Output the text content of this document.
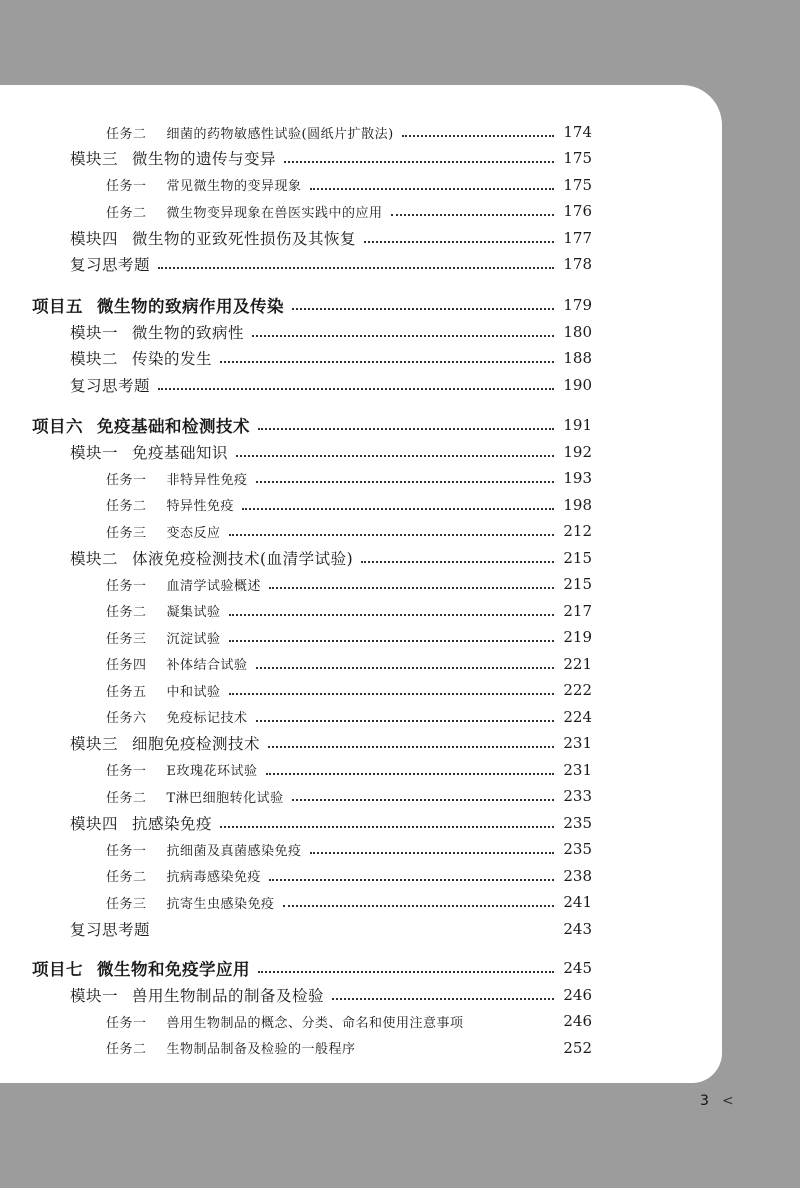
任务二 细菌的药物敏感性试验(圆纸片扩散法)	174
模块三 微生物的遗传与变异	175
任务一 常见微生物的变异现象	175
任务二 微生物变异现象在兽医实践中的应用	176
模块四 微生物的亚致死性损伤及其恢复	177
复习思考题	178
项目五 微生物的致病作用及传染	179
模块一 微生物的致病性	180
模块二 传染的发生	188
复习思考题	190
项目六 免疫基础和检测技术	191
模块一 免疫基础知识	192
任务一 非特异性免疫	193
任务二 特异性免疫	198
任务三 变态反应	212
模块二 体液免疫检测技术(血清学试验)	215
任务一 血清学试验概述	215
任务二 凝集试验	217
任务三 沉淀试验	219
任务四 补体结合试验	221
任务五 中和试验	222
任务六 免疫标记技术	224
模块三 细胞免疫检测技术	231
任务一 E玫瑰花环试验	231
任务二 T淋巴细胞转化试验	233
模块四 抗感染免疫	235
任务一 抗细菌及真菌感染免疫	235
任务二 抗病毒感染免疫	238
任务三 抗寄生虫感染免疫	241
复习思考题	243
项目七 微生物和免疫学应用	245
模块一 兽用生物制品的制备及检验	246
任务一 兽用生物制品的概念、分类、命名和使用注意事项	246
任务二 生物制品制备及检验的一般程序	252
3 <
